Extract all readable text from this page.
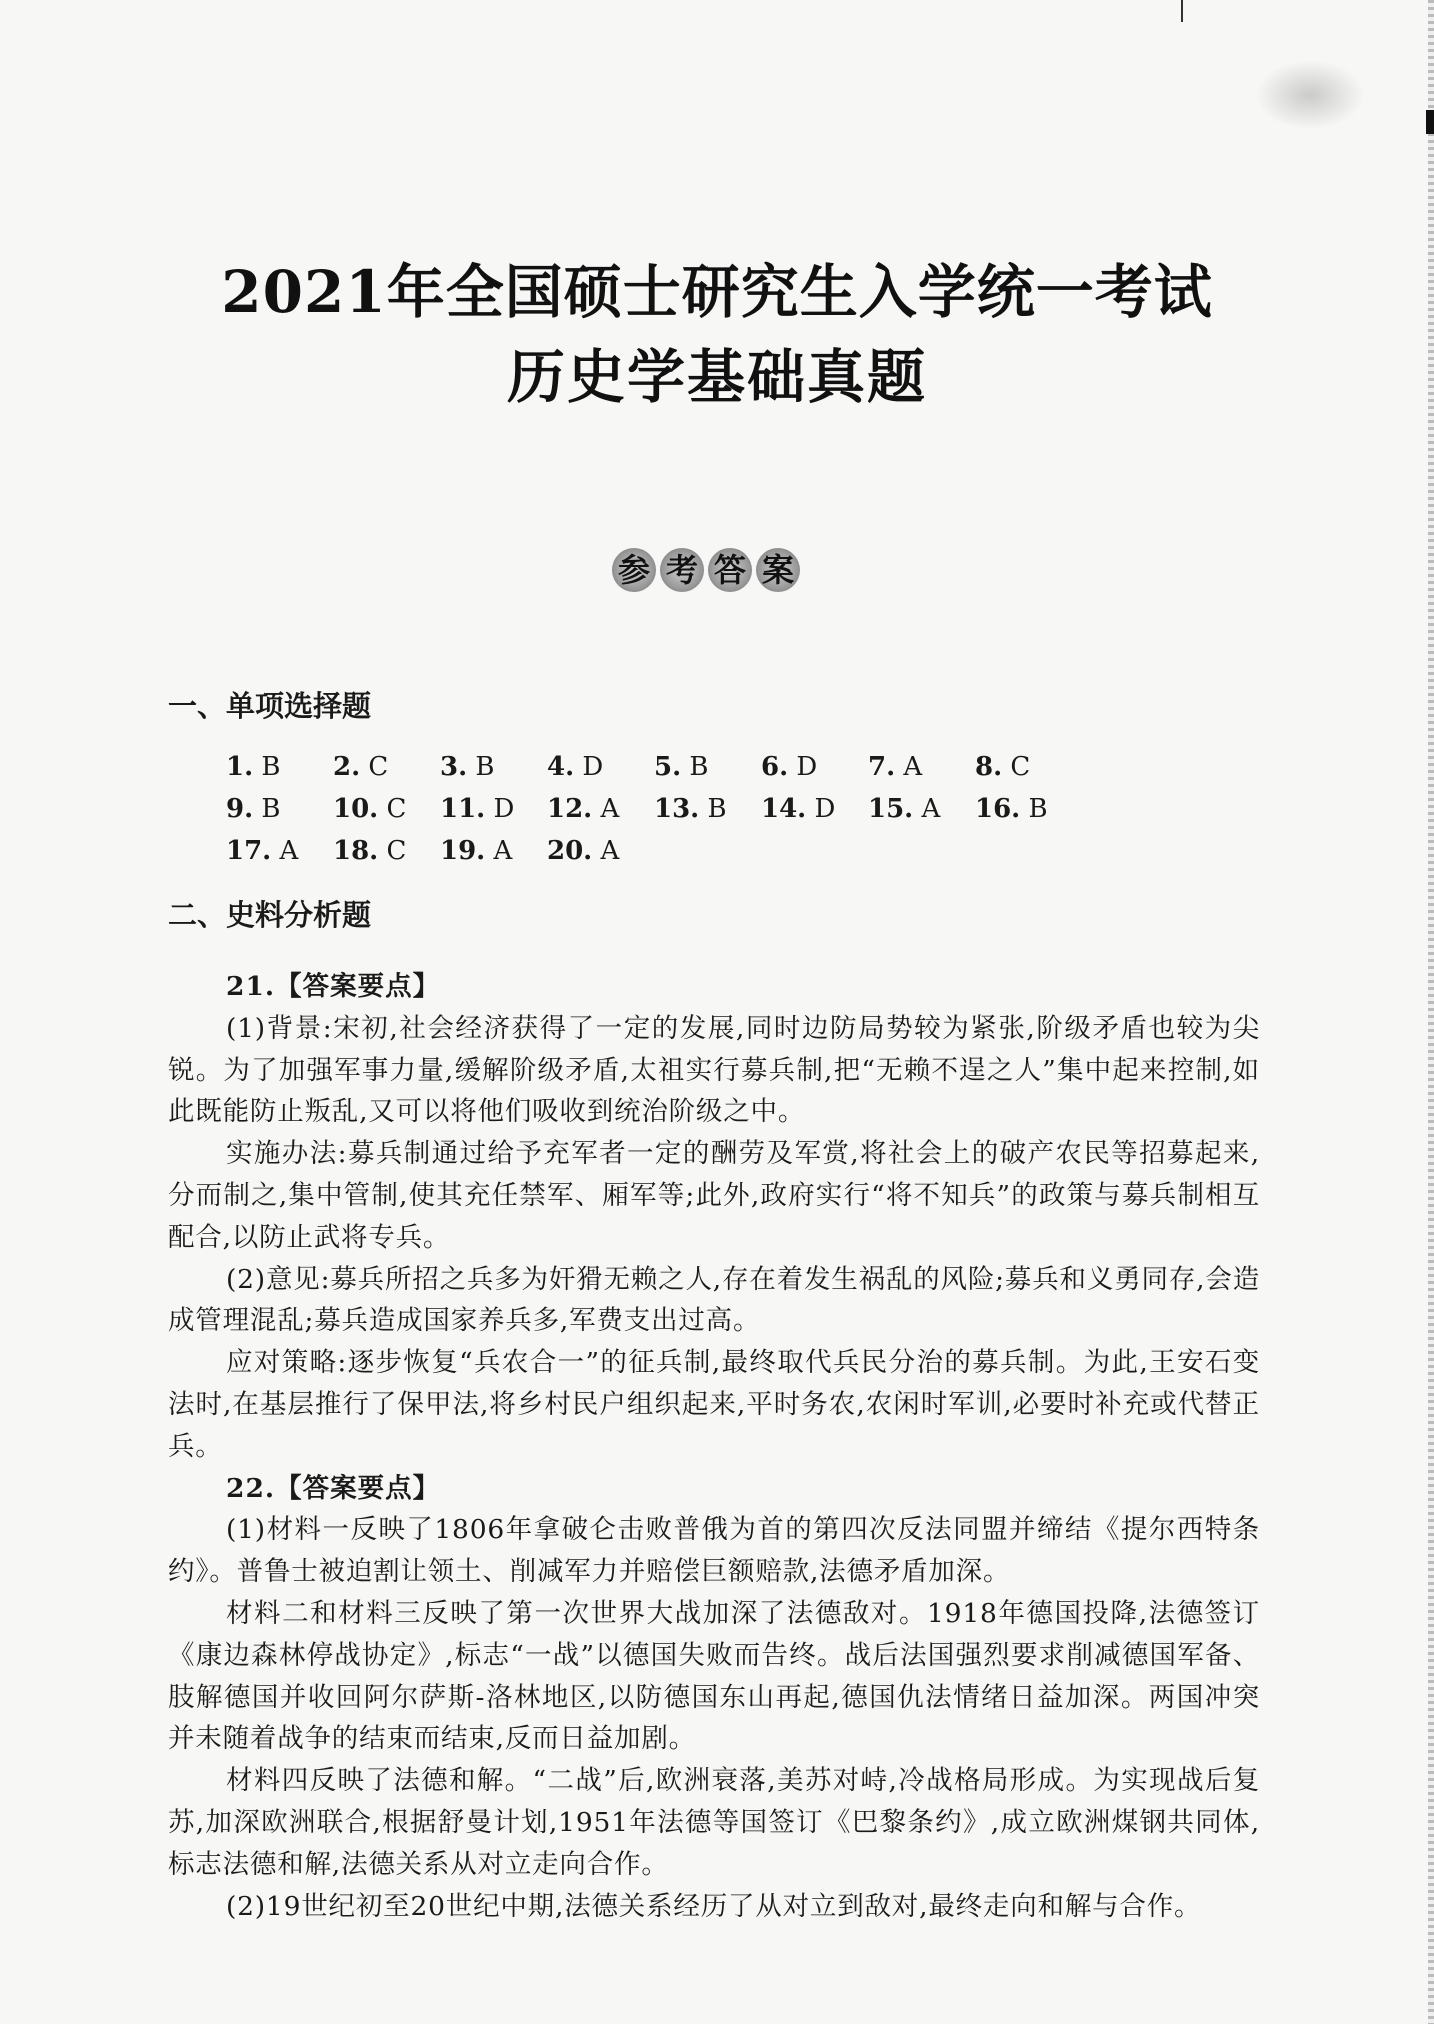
2021年全国硕士研究生入学统一考试
历史学基础真题
参 考 答 案
一、单项选择题
1. B	2. C	3. B	4. D	5. B	6. D	7. A	8. C
9. B	10. C	11. D	12. A	13. B	14. D	15. A	16. B
17. A	18. C	19. A	20. A
二、史料分析题
21.【答案要点】
(1)背景:宋初,社会经济获得了一定的发展,同时边防局势较为紧张,阶级矛盾也较为尖锐。为了加强军事力量,缓解阶级矛盾,太祖实行募兵制,把“无赖不逞之人”集中起来控制,如此既能防止叛乱,又可以将他们吸收到统治阶级之中。
实施办法:募兵制通过给予充军者一定的酬劳及军赏,将社会上的破产农民等招募起来,分而制之,集中管制,使其充任禁军、厢军等;此外,政府实行“将不知兵”的政策与募兵制相互配合,以防止武将专兵。
(2)意见:募兵所招之兵多为奸猾无赖之人,存在着发生祸乱的风险;募兵和义勇同存,会造成管理混乱;募兵造成国家养兵多,军费支出过高。
应对策略:逐步恢复“兵农合一”的征兵制,最终取代兵民分治的募兵制。为此,王安石变法时,在基层推行了保甲法,将乡村民户组织起来,平时务农,农闲时军训,必要时补充或代替正兵。
22.【答案要点】
(1)材料一反映了1806年拿破仑击败普俄为首的第四次反法同盟并缔结《提尔西特条约》。普鲁士被迫割让领土、削减军力并赔偿巨额赔款,法德矛盾加深。
材料二和材料三反映了第一次世界大战加深了法德敌对。1918年德国投降,法德签订《康边森林停战协定》,标志“一战”以德国失败而告终。战后法国强烈要求削减德国军备、肢解德国并收回阿尔萨斯-洛林地区,以防德国东山再起,德国仇法情绪日益加深。两国冲突并未随着战争的结束而结束,反而日益加剧。
材料四反映了法德和解。“二战”后,欧洲衰落,美苏对峙,冷战格局形成。为实现战后复苏,加深欧洲联合,根据舒曼计划,1951年法德等国签订《巴黎条约》,成立欧洲煤钢共同体,标志法德和解,法德关系从对立走向合作。
(2)19世纪初至20世纪中期,法德关系经历了从对立到敌对,最终走向和解与合作。
